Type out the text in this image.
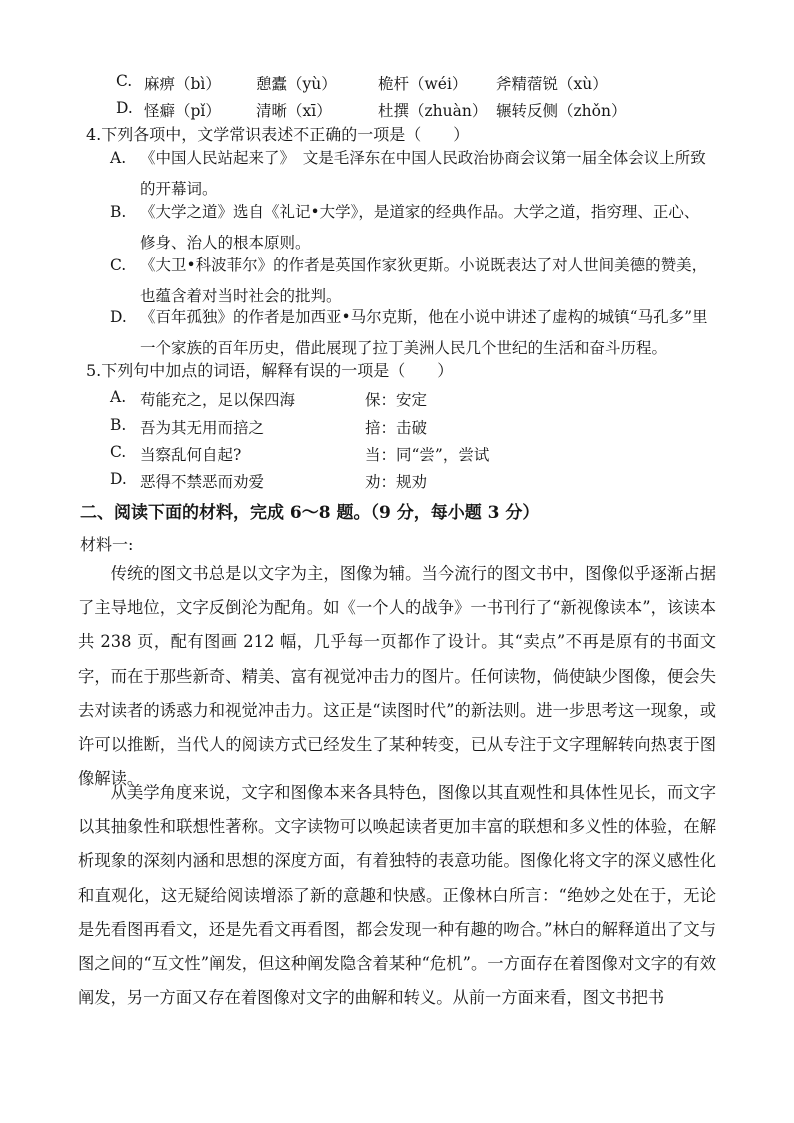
C. 麻痹（bì） 憩蠹（yù）	桅杆（wéi） 斧精蓿锐（xù）
D. 怪癖（pǐ） 清晰（xī）	杜撰（zhuàn） 辗转反侧（zhǒn）
4.下列各项中，文学常识表述不正确的一项是（　　）
A. 《中国人民站起来了》　文是毛泽东在中国人民政治协商会议第一届全体会议上所致的开幕词。
B. 《大学之道》选自《礼记•大学》，是道家的经典作品。大学之道，指穷理、正心、修身、治人的根本原则。
C. 《大卫•科波菲尔》的作者是英国作家狄更斯。小说既表达了对人世间美德的赞美，也蕴含着对当时社会的批判。
D. 《百年孤独》的作者是加西亚•马尔克斯，他在小说中讲述了虚构的城镇“马孔多”里一个家族的百年历史，借此展现了拉丁美洲人民几个世纪的生活和奋斗历程。
5.下列句中加点的词语，解释有误的一项是（　　）
A. 苟能充之，足以保四海	保：安定
B. 吾为其无用而掊之	掊：击破
C. 当察乱何自起?	当：同“尝”，尝试
D. 恶得不禁恶而劝爱	劝：规劝
二、阅读下面的材料，完成 6～8 题。（9 分，每小题 3 分）
材料一:

传统的图文书总是以文字为主，图像为辅。当今流行的图文书中，图像似乎逐渐占据了主导地位，文字反倒沦为配角。如《一个人的战争》一书刊行了“新视像读本”，该读本共 238 页，配有图画 212 幅，几乎每一页都作了设计。其“卖点”不再是原有的书面文字，而在于那些新奇、精美、富有视觉冲击力的图片。任何读物，倘使缺少图像，便会失去对读者的诱惑力和视觉冲击力。这正是“读图时代”的新法则。进一步思考这一现象，或许可以推断，当代人的阅读方式已经发生了某种转变，已从专注于文字理解转向热衷于图像解读。

从美学角度来说，文字和图像本来各具特色，图像以其直观性和具体性见长，而文字以其抽象性和联想性著称。文字读物可以唤起读者更加丰富的联想和多义性的体验，在解析现象的深刻内涵和思想的深度方面，有着独特的表意功能。图像化将文字的深义感性化和直观化，这无疑给阅读增添了新的意趣和快感。正像林白所言：“绝妙之处在于，无论是先看图再看文，还是先看文再看图，都会发现一种有趣的吻合。”林白的解释道出了文与图之间的“互文性”阐发，但这种阐发隐含着某种“危机”。一方面存在着图像对文字的有效阐发，另一方面又存在着图像对文字的曲解和转义。从前一方面来看，图文书把书
